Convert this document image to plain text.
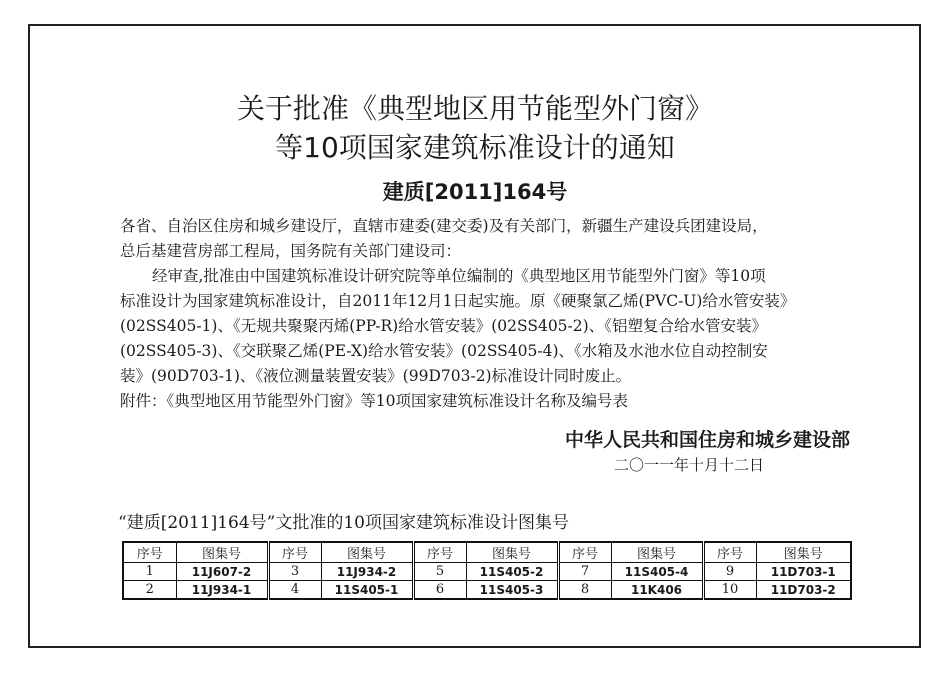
关于批准《典型地区用节能型外门窗》
等10项国家建筑标准设计的通知
建质[2011]164号
各省、自治区住房和城乡建设厅，直辖市建委(建交委)及有关部门，新疆生产建设兵团建设局，
总后基建营房部工程局，国务院有关部门建设司：
经审查,批准由中国建筑标准设计研究院等单位编制的《典型地区用节能型外门窗》等10项
标准设计为国家建筑标准设计，自2011年12月1日起实施。原《硬聚氯乙烯(PVC-U)给水管安装》
(02SS405-1)、《无规共聚聚丙烯(PP-R)给水管安装》(02SS405-2)、《铝塑复合给水管安装》
(02SS405-3)、《交联聚乙烯(PE-X)给水管安装》(02SS405-4)、《水箱及水池水位自动控制安
装》(90D703-1)、《液位测量装置安装》(99D703-2)标准设计同时废止。
附件：《典型地区用节能型外门窗》等10项国家建筑标准设计名称及编号表
中华人民共和国住房和城乡建设部
二〇一一年十月十二日
“建质[2011]164号”文批准的10项国家建筑标准设计图集号
序号	图集号	序号	图集号	序号	图集号	序号	图集号	序号	图集号
1	11J607-2	3	11J934-2	5	11S405-2	7	11S405-4	9	11D703-1
2	11J934-1	4	11S405-1	6	11S405-3	8	11K406	10	11D703-2
